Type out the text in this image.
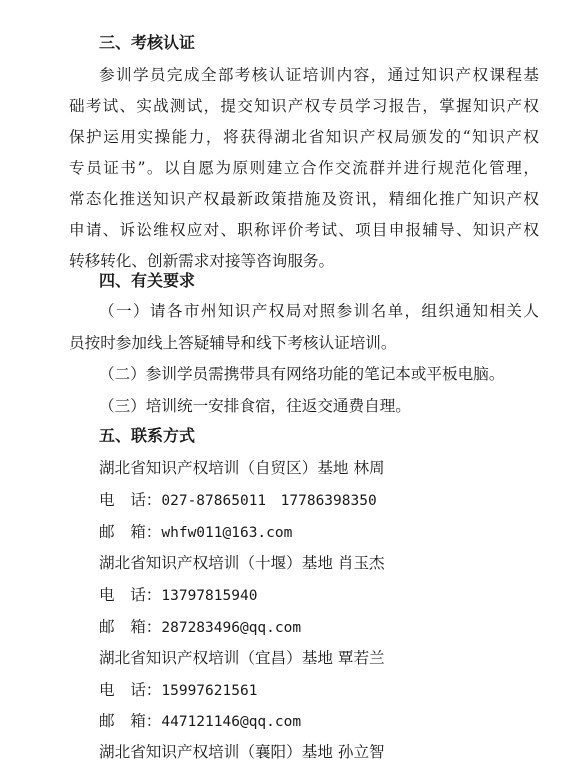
三、考核认证
参训学员完成全部考核认证培训内容，通过知识产权课程基
础考试、实战测试，提交知识产权专员学习报告，掌握知识产权
保护运用实操能力，将获得湖北省知识产权局颁发的“知识产权
专员证书”。以自愿为原则建立合作交流群并进行规范化管理，
常态化推送知识产权最新政策措施及资讯，精细化推广知识产权
申请、诉讼维权应对、职称评价考试、项目申报辅导、知识产权
转移转化、创新需求对接等咨询服务。
四、有关要求
（一）请各市州知识产权局对照参训名单，组织通知相关人
员按时参加线上答疑辅导和线下考核认证培训。
（二）参训学员需携带具有网络功能的笔记本或平板电脑。
（三）培训统一安排食宿，往返交通费自理。
五、联系方式
湖北省知识产权培训（自贸区）基地 林周
电　话：027-87865011　17786398350
邮　箱：whfw011@163.com
湖北省知识产权培训（十堰）基地 肖玉杰
电　话：13797815940
邮　箱：287283496@qq.com
湖北省知识产权培训（宜昌）基地 覃若兰
电　话：15997621561
邮　箱：447121146@qq.com
湖北省知识产权培训（襄阳）基地 孙立智
